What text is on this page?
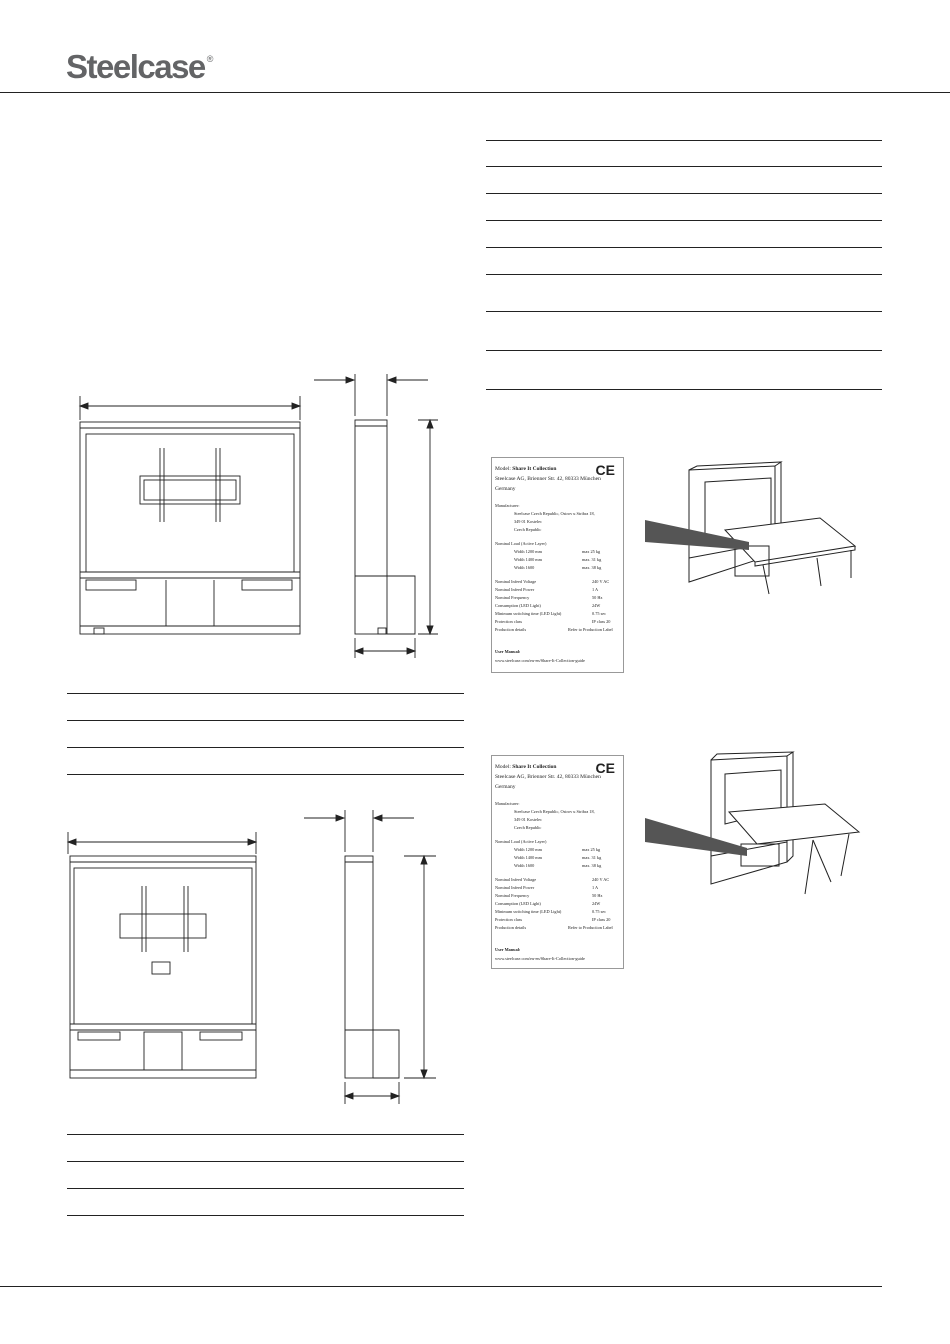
Steelcase ®
Model: Share It Collection	CE
Steelcase AG, Brienner Str. 42, 80333 München
Germany
Manufacturer:
Steelcase Czech Republic, Ostrov u Stribra 18,
349 01 Kostelec
Czech Republic
Nominal Load (Active Layer)
Width 1200 mm	max 25 kg
Width 1400 mm	max. 31 kg
Width 1600	max. 38 kg
Nominal Infeed Voltage	240 V AC
Nominal Infeed Power	1 A
Nominal Frequency	50 Hz
Consumption (LED Light)	24W
Minimum switching time (LED Light)	0.75 sec
Protection class	IP class 20
Production details	Refer to Production Label
User Manual:
www.steelcase.com/eu-en/Share-It-Collection-guide
Model: Share It Collection	CE
Steelcase AG, Brienner Str. 42, 80333 München
Germany
Manufacturer:
Steelcase Czech Republic, Ostrov u Stribra 18,
349 01 Kostelec
Czech Republic
Nominal Load (Active Layer)
Width 1200 mm	max 25 kg
Width 1400 mm	max. 31 kg
Width 1600	max. 38 kg
Nominal Infeed Voltage	240 V AC
Nominal Infeed Power	1 A
Nominal Frequency	50 Hz
Consumption (LED Light)	24W
Minimum switching time (LED Light)	0.75 sec
Protection class	IP class 20
Production details	Refer to Production Label
User Manual:
www.steelcase.com/eu-en/Share-It-Collection-guide
